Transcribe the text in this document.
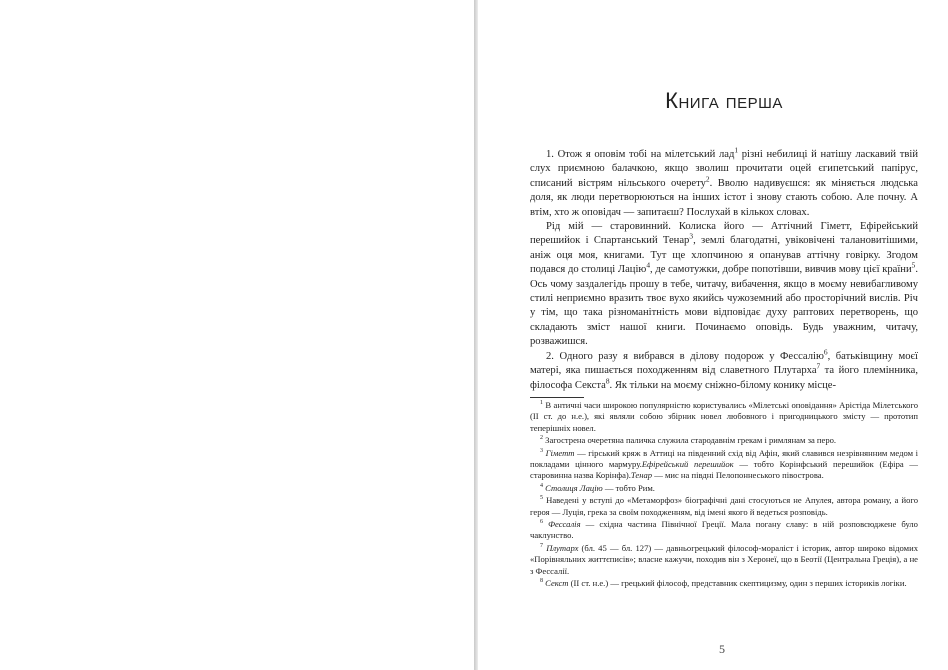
Книга перша

1. Отож я оповім тобі на мілетський лад$^1$ різні небилиці й натішу ласкавий твій слух приємною балачкою, якщо зволиш прочитати оцей єгипетський папірус, списаний вістрям нільського очерету$^2$. Вволю надивуєшся: як міняється людська доля, як люди перетворюються на інших істот і знову стають собою. Але почну. А втім, хто ж оповідач — запитаєш? Послухай в кількох словах.

Рід мій — старовинний. Колиска його — Аттічний Гіметт, Ефірейський перешийок і Спартанський Тенар$^3$, землі благодатні, увіковічені талановитішими, аніж оця моя, книгами. Тут ще хлопчиною я опанував аттічну говірку. Згодом подався до столиці Лацію$^4$, де самотужки, добре попотівши, вивчив мову цієї країни$^5$. Ось чому заздалегідь прошу в тебе, читачу, вибачення, якщо в моєму невибагливому стилі неприємно вразить твоє вухо якийсь чужоземний або просторічний вислів. Річ у тім, що така різноманітність мови відповідає духу раптових перетворень, що складають зміст нашої книги. Починаємо оповідь. Будь уважним, читачу, розважишся.

2. Одного разу я вибрався в ділову подорож у Фессалію$^6$, батьківщину моєї матері, яка пишається походженням від славетного Плутарха$^7$ та його племінника, філософа Секста$^8$. Як тільки на моєму сніжно-білому конику місце-

$^1$ В античні часи широкою популярністю користувались «Мілетські оповідання» Арістіда Мілетського (ІІ ст. до н.е.), які являли собою збірник новел любовного і пригодницького змісту — прототип теперішніх новел.

$^2$ Загострена очеретяна паличка служила стародавнім грекам і римлянам за перо.

$^3$ Гіметт — гірський кряж в Аттиці на південний схід від Афін, який славився незрівнянним медом і покладами цінного мармуру.Ефірейський перешийок — тобто Корінфський перешийок (Ефіра — старовинна назва Корінфа).Тенар — мис на півдні Пелопоннеського півострова.

$^4$ Столиця Лацію — тобто Рим.

$^5$ Наведені у вступі до «Метаморфоз» біографічні дані стосуються не Апулея, автора роману, а його героя — Луція, грека за своїм походженням, від імені якого й ведеться розповідь.

$^6$ Фессалія — східна частина Північної Греції. Мала погану славу: в ній розповсюджене було чаклунство.

$^7$ Плутарх (бл. 45 — бл. 127) — давньогрецький філософ-мораліст і історик, автор широко відомих «Порівняльних життєписів»; власне кажучи, походив він з Херонеї, що в Беотії (Центральна Греція), а не з Фессалії.

$^8$ Секст (ІІ ст. н.е.) — грецький філософ, представник скептицизму, один з перших істориків логіки.

5
